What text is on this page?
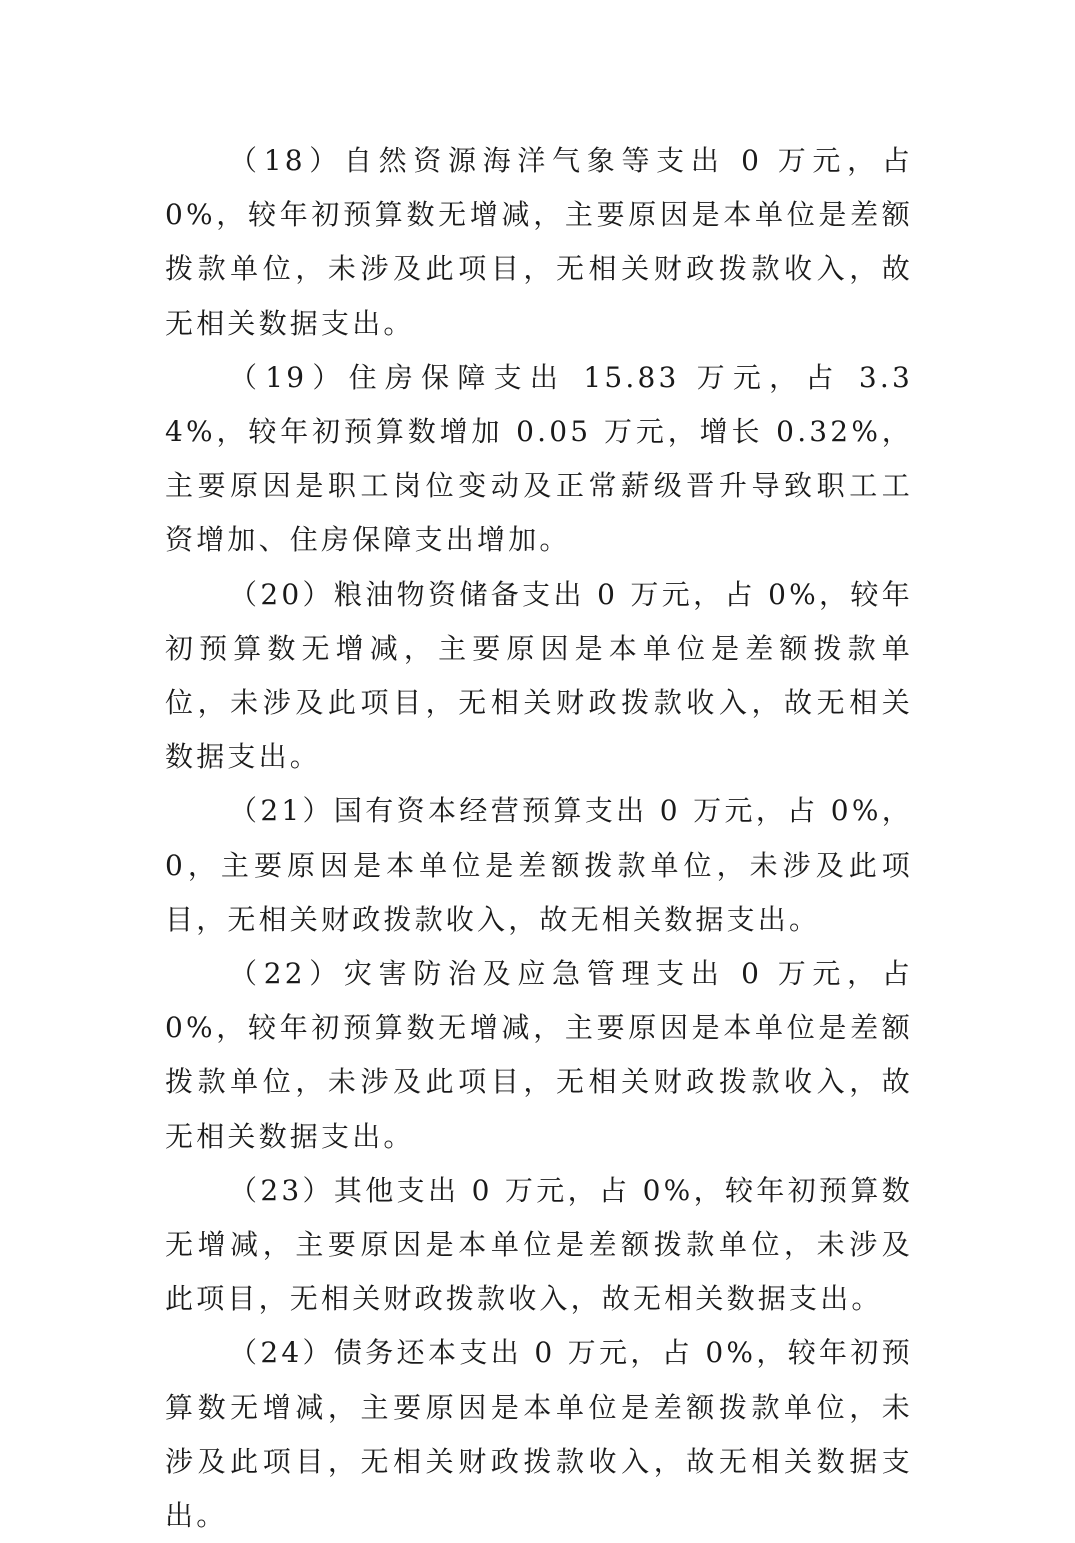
（18）自然资源海洋气象等支出 0 万元，占 0%，较年初预算数无增减，主要原因是本单位是差额拨款单位，未涉及此项目，无相关财政拨款收入，故无相关数据支出。

（19）住房保障支出 15.83 万元，占 3.34%，较年初预算数增加 0.05 万元，增长 0.32%，主要原因是职工岗位变动及正常薪级晋升导致职工工资增加、住房保障支出增加。

（20）粮油物资储备支出 0 万元，占 0%，较年初预算数无增减，主要原因是本单位是差额拨款单位，未涉及此项目，无相关财政拨款收入，故无相关数据支出。

（21）国有资本经营预算支出 0 万元，占 0%，0，主要原因是本单位是差额拨款单位，未涉及此项目，无相关财政拨款收入，故无相关数据支出。

（22）灾害防治及应急管理支出 0 万元，占 0%，较年初预算数无增减，主要原因是本单位是差额拨款单位，未涉及此项目，无相关财政拨款收入，故无相关数据支出。

（23）其他支出 0 万元，占 0%，较年初预算数无增减，主要原因是本单位是差额拨款单位，未涉及此项目，无相关财政拨款收入，故无相关数据支出。

（24）债务还本支出 0 万元，占 0%，较年初预算数无增减，主要原因是本单位是差额拨款单位，未涉及此项目，无相关财政拨款收入，故无相关数据支出。
